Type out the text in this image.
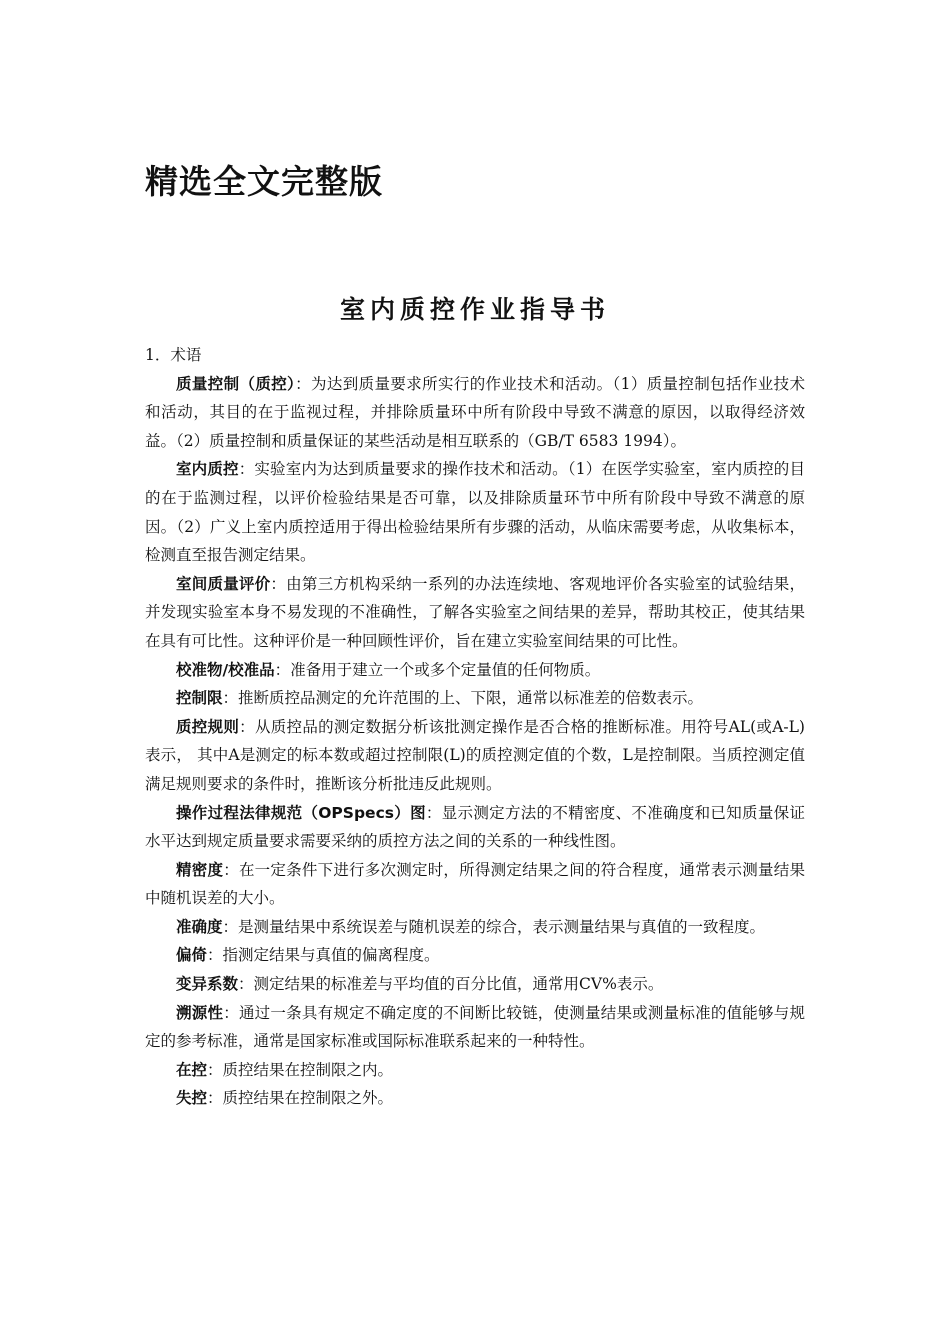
精选全文完整版
室内质控作业指导书

1．术语

质量控制（质控）：为达到质量要求所实行的作业技术和活动。（1）质量控制包括作业技术和活动，其目的在于监视过程，并排除质量环中所有阶段中导致不满意的原因，以取得经济效益。（2）质量控制和质量保证的某些活动是相互联系的（GB/T 6583 1994）。

室内质控：实验室内为达到质量要求的操作技术和活动。（1）在医学实验室，室内质控的目的在于监测过程，以评价检验结果是否可靠，以及排除质量环节中所有阶段中导致不满意的原因。（2）广义上室内质控适用于得出检验结果所有步骤的活动，从临床需要考虑，从收集标本，检测直至报告测定结果。

室间质量评价：由第三方机构采纳一系列的办法连续地、客观地评价各实验室的试验结果，并发现实验室本身不易发现的不准确性，了解各实验室之间结果的差异，帮助其校正，使其结果在具有可比性。这种评价是一种回顾性评价，旨在建立实验室间结果的可比性。

校准物/校准品：准备用于建立一个或多个定量值的任何物质。

控制限：推断质控品测定的允许范围的上、下限，通常以标准差的倍数表示。

质控规则：从质控品的测定数据分析该批测定操作是否合格的推断标准。用符号AL(或A-L)表示， 其中A是测定的标本数或超过控制限(L)的质控测定值的个数，L是控制限。当质控测定值满足规则要求的条件时，推断该分析批违反此规则。

操作过程法律规范（OPSpecs）图：显示测定方法的不精密度、不准确度和已知质量保证水平达到规定质量要求需要采纳的质控方法之间的关系的一种线性图。

精密度：在一定条件下进行多次测定时，所得测定结果之间的符合程度，通常表示测量结果中随机误差的大小。

准确度：是测量结果中系统误差与随机误差的综合，表示测量结果与真值的一致程度。

偏倚：指测定结果与真值的偏离程度。

变异系数：测定结果的标准差与平均值的百分比值，通常用CV%表示。

溯源性：通过一条具有规定不确定度的不间断比较链，使测量结果或测量标准的值能够与规定的参考标准，通常是国家标准或国际标准联系起来的一种特性。

在控：质控结果在控制限之内。

失控：质控结果在控制限之外。
